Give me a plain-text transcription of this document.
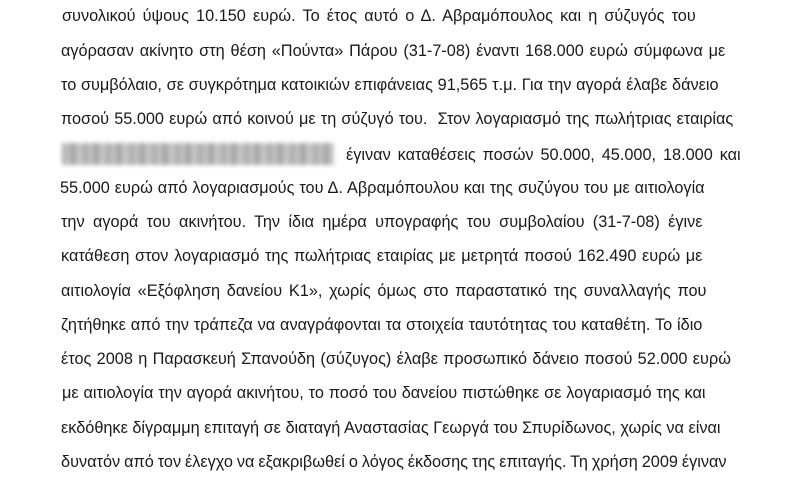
συνολικού ύψους 10.150 ευρώ. Το έτος αυτό ο Δ. Αβραμόπουλος και η σύζυγός του
αγόρασαν ακίνητο στη θέση «Πούντα» Πάρου (31-7-08) έναντι 168.000 ευρώ σύμφωνα με
το συμβόλαιο, σε συγκρότημα κατοικιών επιφάνειας 91,565 τ.μ. Για την αγορά έλαβε δάνειο
ποσού 55.000 ευρώ από κοινού με τη σύζυγό του.  Στον λογαριασμό της πωλήτριας εταιρίας
έγιναν καταθέσεις ποσών 50.000, 45.000, 18.000 και
55.000 ευρώ από λογαριασμούς του Δ. Αβραμόπουλου και της συζύγου του με αιτιολογία
την αγορά του ακινήτου. Την ίδια ημέρα υπογραφής του συμβολαίου (31-7-08) έγινε
κατάθεση στον λογαριασμό της πωλήτριας εταιρίας με μετρητά ποσού 162.490 ευρώ με
αιτιολογία «Εξόφληση δανείου Κ1», χωρίς όμως στο παραστατικό της συναλλαγής που
ζητήθηκε από την τράπεζα να αναγράφονται τα στοιχεία ταυτότητας του καταθέτη. Το ίδιο
έτος 2008 η Παρασκευή Σπανούδη (σύζυγος) έλαβε προσωπικό δάνειο ποσού 52.000 ευρώ
με αιτιολογία την αγορά ακινήτου, το ποσό του δανείου πιστώθηκε σε λογαριασμό της και
εκδόθηκε δίγραμμη επιταγή σε διαταγή Αναστασίας Γεωργά του Σπυρίδωνος, χωρίς να είναι
δυνατόν από τον έλεγχο να εξακριβωθεί ο λόγος έκδοσης της επιταγής. Τη χρήση 2009 έγιναν
